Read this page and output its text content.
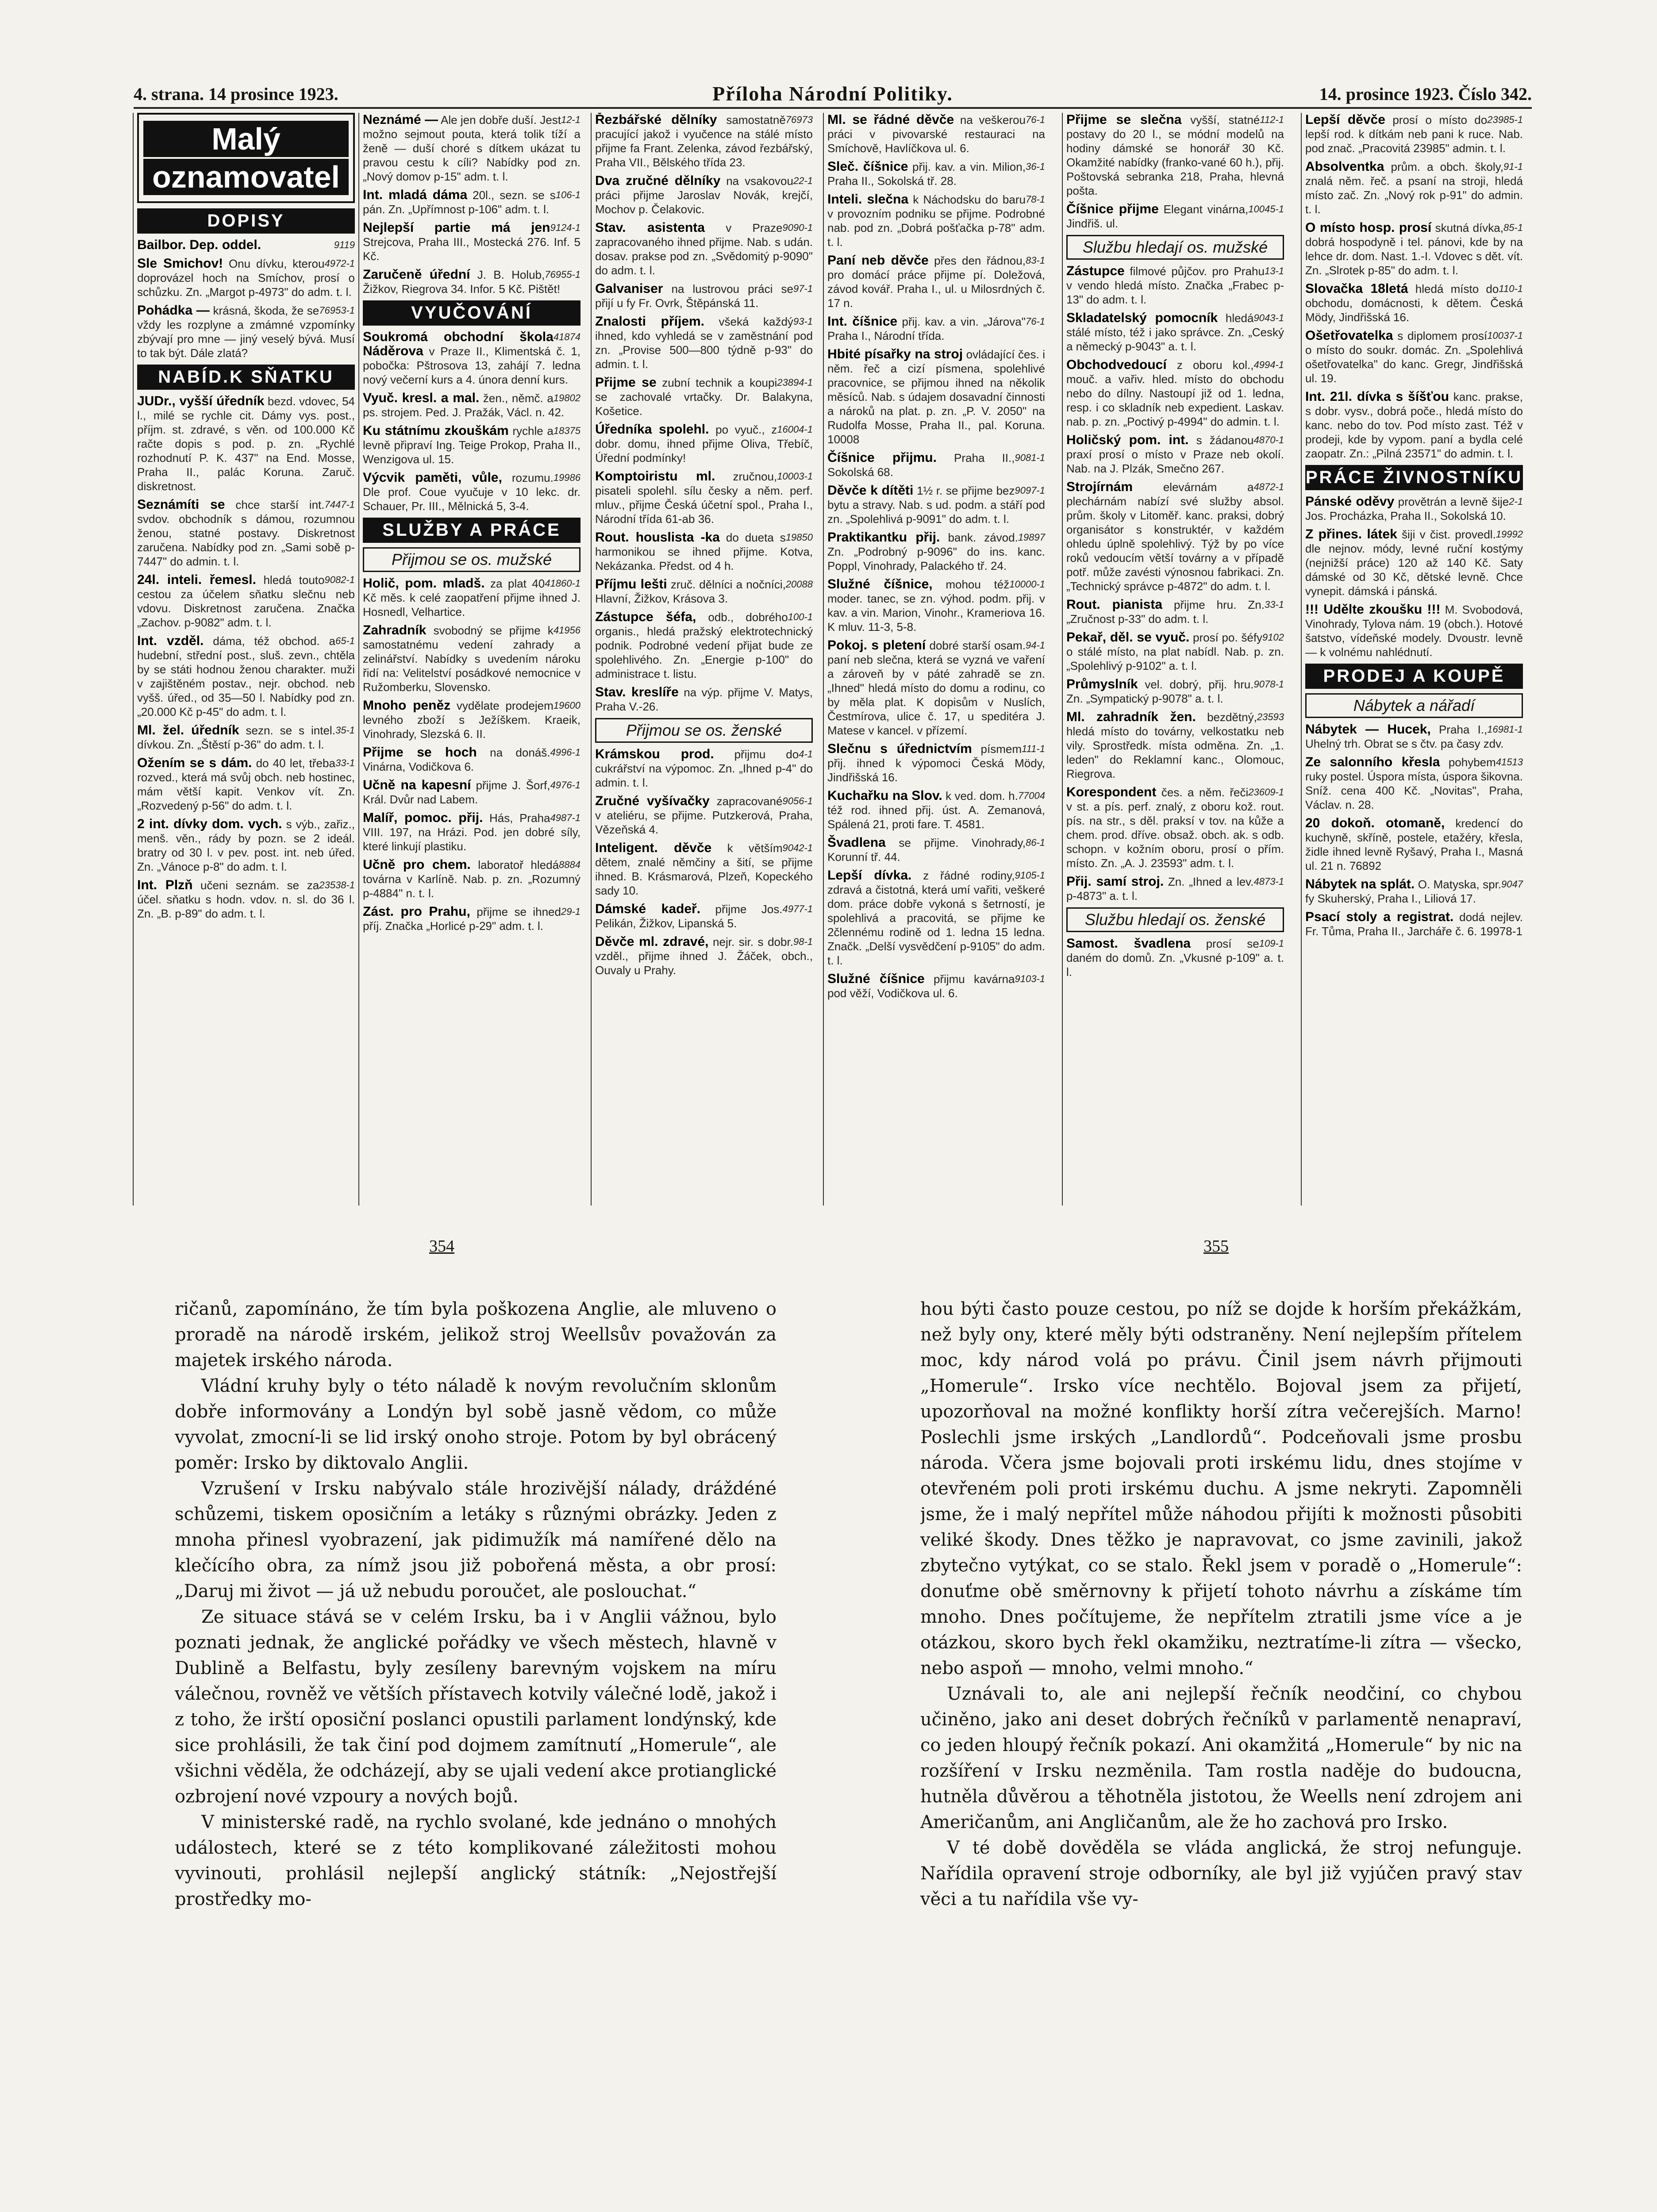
4. strana. 14 prosince 1923.	Příloha Národní Politiky.	14. prosince 1923. Číslo 342.
Malý
oznamovatel
DOPISY
9119
Bailbor. Dep. oddel.
4972-1
Sle Smichov! Onu dívku, kterou doprovázel hoch na Smíchov, prosí o schůzku. Zn. „Margot p-4973" do adm. t. l.
76953-1
Pohádka — krásná, škoda, že se vždy les rozplyne a zmámné vzpomínky zbývají pro mne — jiný veselý bývá. Musí to tak být. Dále zlatá?
NABÍD.K SŇATKU
JUDr., vyšší úředník bezd. vdovec, 54 l., milé se rychle cit. Dámy vys. post., příjm. st. zdravé, s věn. od 100.000 Kč račte dopis s pod. p. zn. „Rychlé rozhodnutí P. K. 437" na End. Mosse, Praha II., palác Koruna. Zaruč. diskretnost.
7447-1
Seznámíti se chce starší int. svdov. obchodník s dámou, rozumnou ženou, statné postavy. Diskretnost zaručena. Nabídky pod zn. „Sami sobě p-7447" do admin. t. l.
9082-1
24l. inteli. řemesl. hledá touto cestou za účelem sňatku slečnu neb vdovu. Diskretnost zaručena. Značka „Zachov. p-9082" adm. t. l.
65-1
Int. vzděl. dáma, též obchod. a hudební, střední post., sluš. zevn., chtěla by se státi hodnou ženou charakter. muži v zajištěném postav., nejr. obchod. neb vyšš. úřed., od 35—50 l. Nabídky pod zn. „20.000 Kč p-45" do adm. t. l.
35-1
Ml. žel. úředník sezn. se s intel. dívkou. Zn. „Štěstí p-36" do adm. t. l.
33-1
Ožením se s dám. do 40 let, třeba rozved., která má svůj obch. neb hostinec, mám větší kapit. Venkov vít. Zn. „Rozvedený p-56" do adm. t. l.
2 int. dívky dom. vych. s výb., zařiz., menš. věn., rády by pozn. se 2 ideál. bratry od 30 l. v pev. post. int. neb úřed. Zn. „Vánoce p-8" do adm. t. l.
23538-1
Int. Plzň učeni seznám. se za účel. sňatku s hodn. vdov. n. sl. do 36 l. Zn. „B. p-89" do adm. t. l.
12-1
Neznámé — Ale jen dobře duší. Jest možno sejmout pouta, která tolik tíží a ženě — duší choré s dítkem ukázat tu pravou cestu k cíli? Nabídky pod zn. „Nový domov p-15" adm. t. l.
106-1
Int. mladá dáma 20l., sezn. se s pán. Zn. „Upřímnost p-106" adm. t. l.
9124-1
Nejlepší partie má jen Strejcova, Praha III., Mostecká 276. Inf. 5 Kč.
76955-1
Zaručeně úřední J. B. Holub, Žižkov, Riegrova 34. Infor. 5 Kč. Pištět!
VYUČOVÁNÍ
41874
Soukromá obchodní škola Náděrova v Praze II., Klimentská č. 1, pobočka: Pštrosova 13, zahájí 7. ledna nový večerní kurs a 4. února denní kurs.
19802
Vyuč. kresl. a mal. žen., němč. a ps. strojem. Ped. J. Pražák, Václ. n. 42.
18375
Ku státnímu zkouškám rychle a levně připraví Ing. Teige Prokop, Praha II., Wenzigova ul. 15.
19986
Výcvik paměti, vůle, rozumu. Dle prof. Coue vyučuje v 10 lekc. dr. Schauer, Pr. III., Mělnická 5, 3-4.
SLUŽBY A PRÁCE
Přijmou se os. mužské
41860-1
Holič, pom. mladš. za plat 40 Kč měs. k celé zaopatření přijme ihned J. Hosnedl, Velhartice.
41956
Zahradník svobodný se přijme k samostatnému vedení zahrady a zelinářství. Nabídky s uvedením nároku řidí na: Velitelství posádkové nemocnice v Ružomberku, Slovensko.
19600
Mnoho peněz vydělate prodejem levného zboží s Ježíškem. Kraeik, Vinohrady, Slezská 6. II.
4996-1
Přijme se hoch na donáš. Vinárna, Vodičkova 6.
4976-1
Učně na kapesní přijme J. Šorf, Král. Dvůr nad Labem.
4987-1
Malíř, pomoc. přij. Hás, Praha VIII. 197, na Hrázi. Pod. jen dobré síly, které linkují plastiku.
8884
Učně pro chem. laboratoř hledá továrna v Karlíně. Nab. p. zn. „Rozumný p-4884" n. t. l.
29-1
Zást. pro Prahu, přijme se ihned příj. Značka „Horlicé p-29" adm. t. l.
76973
Řezbářské dělníky samostatně pracující jakož i vyučence na stálé místo přijme fa Frant. Zelenka, závod řezbářský, Praha VII., Bělského třída 23.
22-1
Dva zručné dělníky na vsakovou práci přijme Jaroslav Novák, krejčí, Mochov p. Čelakovic.
9090-1
Stav. asistenta v Praze zapracovaného ihned přijme. Nab. s udán. dosav. prakse pod zn. „Svědomitý p-9090" do adm. t. l.
97-1
Galvaniser na lustrovou práci se přijí u fy Fr. Ovrk, Štěpánská 11.
93-1
Znalosti příjem. všeká každý ihned, kdo vyhledá se v zaměstnání pod zn. „Provise 500—800 týdně p-93" do admin. t. l.
23894-1
Přijme se zubní technik a koupi se zachovalé vrtačky. Dr. Balakyna, Košetice.
16004-1
Úředníka spolehl. po vyuč., z dobr. domu, ihned přijme Oliva, Třebíč, Úřední podmínky!
10003-1
Komptoiristu ml. zručnou, pisateli spolehl. sílu česky a něm. perf. mluv., přijme Česká účetní spol., Praha I., Národní třída 61-ab 36.
19850
Rout. houslista -ka do dueta s harmonikou se ihned přijme. Kotva, Nekázanka. Předst. od 4 h.
20088
Příjmu lešti zruč. dělníci a nočníci, Hlavní, Žižkov, Krásova 3.
100-1
Zástupce šéfa, odb., dobrého organis., hledá pražský elektrotechnický podnik. Podrobné vedení přijat bude ze spolehlivého. Zn. „Energie p-100" do administrace t. listu.
Stav. kreslíře na výp. přijme V. Matys, Praha V.-26.
Přijmou se os. ženské
4-1
Krámskou prod. přijmu do cukrářství na výpomoc. Zn. „Ihned p-4" do admin. t. l.
9056-1
Zručné vyšívačky zapracované v ateliéru, se přijme. Putzkerová, Praha, Vězeňská 4.
9042-1
Inteligent. děvče k větším dětem, znalé němčiny a šití, se přijme ihned. B. Krásmarová, Plzeň, Kopeckého sady 10.
4977-1
Dámské kadeř. přijme Jos. Pelikán, Žižkov, Lipanská 5.
98-1
Děvče ml. zdravé, nejr. sir. s dobr. vzděl., přijme ihned J. Žáček, obch., Ouvaly u Prahy.
76-1
Ml. se řádné děvče na veškerou práci v pivovarské restauraci na Smíchově, Havlíčkova ul. 6.
36-1
Sleč. číšnice přij. kav. a vin. Milion, Praha II., Sokolská tř. 28.
78-1
Inteli. slečna k Náchodsku do baru v provozním podniku se přijme. Podrobné nab. pod zn. „Dobrá pošťačka p-78" adm. t. l.
83-1
Paní neb děvče přes den řádnou, pro domácí práce přijme pí. Doležová, závod kovář. Praha I., ul. u Milosrdných č. 17 n.
76-1
Int. číšnice přij. kav. a vin. „Járova" Praha I., Národní třída.
Hbité písařky na stroj ovládající čes. i něm. řeč a cizí písmena, spolehlivé pracovnice, se přijmou ihned na několik měsíců. Nab. s údajem dosavadní činnosti a nároků na plat. p. zn. „P. V. 2050" na Rudolfa Mosse, Praha II., pal. Koruna. 10008
9081-1
Číšnice přijmu. Praha II., Sokolská 68.
9097-1
Děvče k dítěti 1½ r. se přijme bez bytu a stravy. Nab. s ud. podm. a stáří pod zn. „Spolehlivá p-9091" do adm. t. l.
19897
Praktikantku přij. bank. závod. Zn. „Podrobný p-9096" do ins. kanc. Poppl, Vinohrady, Palackého tř. 24.
10000-1
Služné číšnice, mohou též moder. tanec, se zn. výhod. podm. přij. v kav. a vin. Marion, Vinohr., Krameriova 16. K mluv. 11-3, 5-8.
94-1
Pokoj. s pletení dobré starší osam. paní neb slečna, která se vyzná ve vaření a zároveň by v páté zahradě se zn. „Ihned" hledá místo do domu a rodinu, co by měla plat. K dopisům v Nuslích, Čestmírova, ulice č. 17, u speditéra J. Matese v kancel. v přízemí.
111-1
Slečnu s úřednictvím písmem přij. ihned k výpomoci Česká Mödy, Jindřišská 16.
77004
Kuchařku na Slov. k ved. dom. h. též rod. ihned přij. úst. A. Zemanová, Spálená 21, proti fare. T. 4581.
86-1
Švadlena se přijme. Vinohrady, Korunní tř. 44.
9105-1
Lepší dívka. z řádné rodiny, zdravá a čistotná, která umí vařiti, veškeré dom. práce dobře vykoná s šetrností, je spolehlivá a pracovitá, se přijme ke 2člennému rodině od 1. ledna 15 ledna. Značk. „Delší vysvědčení p-9105" do adm. t. l.
9103-1
Služné číšnice přijmu kavárna pod věží, Vodičkova ul. 6.
112-1
Přijme se slečna vyšší, statné postavy do 20 l., se módní modelů na hodiny dámské se honorář 30 Kč. Okamžité nabídky (franko-vané 60 h.), přij. Poštovská sebranka 218, Praha, hlevná pošta.
10045-1
Číšnice přijme Elegant vinárna, Jindřiš. ul.
Službu hledají os. mužské
13-1
Zástupce filmové půjčov. pro Prahu v vendo hledá místo. Značka „Frabec p-13" do adm. t. l.
9043-1
Skladatelský pomocník hledá stálé místo, též i jako správce. Zn. „Ceský a německý p-9043" a. t. l.
4994-1
Obchodvedoucí z oboru kol., mouč. a vařiv. hled. místo do obchodu nebo do dílny. Nastoupí již od 1. ledna, resp. i co skladník neb expedient. Laskav. nab. p. zn. „Poctivý p-4994" do admin. t. l.
4870-1
Holičský pom. int. s žádanou praxí prosí o místo v Praze neb okolí. Nab. na J. Plzák, Smečno 267.
4872-1
Strojírnám	elevárnám a plechárnám nabízí své služby absol. prům. školy v Litoměř. kanc. praksi, dobrý organisátor s konstruktér, v každém ohledu úplně spolehlivý. Týž by po více roků vedoucím větší továrny a v případě potř. může zavésti výnosnou fabrikaci. Zn. „Technický správce p-4872" do adm. t. l.
33-1
Rout. pianista přijme hru. Zn. „Zručnost p-33" do adm. t. l.
9102
Pekař, děl. se vyuč. prosí po. šéfy o stálé místo, na plat nabídl. Nab. p. zn. „Spolehlivý p-9102" a. t. l.
9078-1
Průmyslník vel. dobrý, přij. hru. Zn. „Sympatický p-9078" a. t. l.
23593
Ml. zahradník žen. bezdětný, hledá místo do továrny, velkostatku neb vily. Sprostředk. místa odměna. Zn. „1. leden" do Reklamní kanc., Olomouc, Riegrova.
23609-1
Korespondent čes. a něm. řeči v st. a pís. perf. znalý, z oboru kož. rout. pís. na str., s děl. praksí v tov. na kůže a chem. prod. dříve. obsaž. obch. ak. s odb. schopn. v kožním oboru, prosí o přím. místo. Zn. „A. J. 23593" adm. t. l.
4873-1
Přij. samí stroj. Zn. „Ihned a lev. p-4873" a. t. l.
Službu hledají os. ženské
109-1
Samost. švadlena prosí se daném do domů. Zn. „Vkusné p-109" a. t. l.
23985-1
Lepší děvče prosí o místo do lepší rod. k dítkám neb pani k ruce. Nab. pod znač. „Pracovitá 23985" admin. t. l.
91-1
Absolventka prům. a obch. školy, znalá něm. řeč. a psaní na stroji, hledá místo zač. Zn. „Nový rok p-91" do admin. t. l.
85-1
O místo hosp. prosí skutná dívka, dobrá hospodyně i tel. pánovi, kde by na lehce dr. dom. Nast. 1.-I. Vdovec s dět. vít. Zn. „Slrotek p-85" do adm. t. l.
110-1
Slovačka 18letá hledá místo do obchodu, domácnosti, k dětem. Česká Mödy, Jindřišská 16.
10037-1
Ošetřovatelka s diplomem prosí o místo do soukr. domác. Zn. „Spolehlivá ošetřovatelka" do kanc. Gregr, Jindřišská ul. 19.
Int. 21l. dívka s šíšťou kanc. prakse, s dobr. vysv., dobrá poče., hledá místo do kanc. nebo do tov. Pod místo zast. Též v prodeji, kde by vypom. paní a bydla celé zaopatr. Zn.: „Pilná 23571" do admin. t. l.
PRÁCE ŽIVNOSTNÍKU
2-1
Pánské oděvy provětrán a levně šije Jos. Procházka, Praha II., Sokolská 10.
19992
Z přines. látek šiji v čist. provedl. dle nejnov. módy, levné ruční kostýmy (nejnižší práce) 120 až 140 Kč. Saty dámské od 30 Kč, dětské levně. Chce vynepit. dámská i pánská.
!!! Udělte zkoušku !!! M. Svobodová, Vinohrady, Tylova nám. 19 (obch.). Hotové šatstvo, vídeňské modely. Dvoustr. levně — k volnému nahlédnutí.
PRODEJ A KOUPĚ
Nábytek a nářadí
16981-1
Nábytek — Hucek, Praha I., Uhelný trh. Obrat se s čtv. pa časy zdv.
41513
Ze salonního křesla pohybem ruky postel. Úspora místa, úspora šikovna. Sníž. cena 400 Kč. „Novitas", Praha, Václav. n. 28.
20 dokoň. otomaně, kredencí do kuchyně, skříně, postele, etažéry, křesla, židle ihned levně Ryšavý, Praha I., Masná ul. 21 n. 76892
9047
Nábytek na splát. O. Matyska, spr. fy Skuherský, Praha I., Liliová 17.
Psací stoly a registrat. dodá nejlev. Fr. Tůma, Praha II., Jarcháře č. 6. 19978-1
354	355

ričanů, zapomínáno, že tím byla poškozena Anglie, ale mluveno o proradě na národě irském, jelikož stroj Weellsův považován za majetek irského národa.

Vládní kruhy byly o této náladě k novým revolučním sklonům dobře informovány a Londýn byl sobě jasně vědom, co může vyvolat, zmocní-li se lid irský onoho stroje. Potom by byl obrácený poměr: Irsko by diktovalo Anglii.

Vzrušení v Irsku nabývalo stále hrozivější nálady, dráždéné schůzemi, tiskem oposičním a letáky s různými obrázky. Jeden z mnoha přinesl vyobrazení, jak pidimužík má namířené dělo na klečícího obra, za nímž jsou již pobořená města, a obr prosí: „Daruj mi život — já už nebudu poroučet, ale poslouchat.“

Ze situace stává se v celém Irsku, ba i v Anglii vážnou, bylo poznati jednak, že anglické pořádky ve všech městech, hlavně v Dublině a Belfastu, byly zesíleny barevným vojskem na míru válečnou, rovněž ve větších přístavech kotvily válečné lodě, jakož i z toho, že irští oposiční poslanci opustili parlament londýnský, kde sice prohlásili, že tak činí pod dojmem zamítnutí „Homerule“, ale všichni věděla, že odcházejí, aby se ujali vedení akce protianglické ozbrojení nové vzpoury a nových bojů.

V ministerské radě, na rychlo svolané, kde jednáno o mnohých událostech, které se z této komplikované záležitosti mohou vyvinouti, prohlásil nejlepší anglický státník: „Nejostřejší prostředky mo-

hou býti často pouze cestou, po níž se dojde k horším překážkám, než byly ony, které měly býti odstraněny. Není nejlepším přítelem moc, kdy národ volá po právu. Činil jsem návrh přijmouti „Homerule“. Irsko více nechtělo. Bojoval jsem za přijetí, upozorňoval na možné konflikty horší zítra večerejších. Marno! Poslechli jsme irských „Landlordů“. Podceňovali jsme prosbu národa. Včera jsme bojovali proti irskému lidu, dnes stojíme v otevřeném poli proti irskému duchu. A jsme nekryti. Zapomněli jsme, že i malý nepřítel může náhodou přijíti k možnosti působiti veliké škody. Dnes těžko je napravovat, co jsme zavinili, jakož zbytečno vytýkat, co se stalo. Řekl jsem v poradě o „Homerule“: donuťme obě směrnovny k přijetí tohoto návrhu a získáme tím mnoho. Dnes počítujeme, že nepřítelm ztratili jsme více a je otázkou, skoro bych řekl okamžiku, neztratíme-li zítra — všecko, nebo aspoň — mnoho, velmi mnoho.“

Uznávali to, ale ani nejlepší řečník neodčiní, co chybou učiněno, jako ani deset dobrých řečníků v parlamentě nenapraví, co jeden hloupý řečník pokazí. Ani okamžitá „Homerule“ by nic na rozšíření v Irsku nezměnila. Tam rostla naděje do budoucna, hutněla důvěrou a těhotněla jistotou, že Weells není zdrojem ani Američanům, ani Angličanům, ale že ho zachová pro Irsko.

V té době dověděla se vláda anglická, že stroj nefunguje. Nařídila opravení stroje odborníky, ale byl již vyjúčen pravý stav věci a tu nařídila vše vy-
